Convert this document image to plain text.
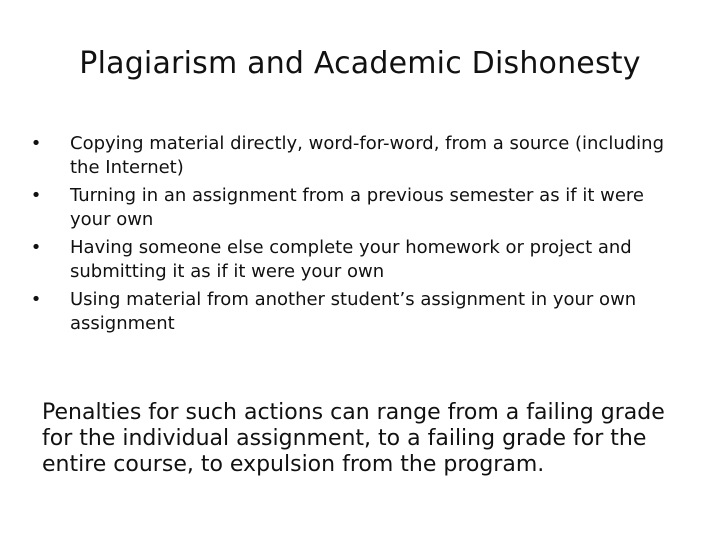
Plagiarism and Academic Dishonesty
• Copying material directly, word-for-word, from a source (including the Internet)
• Turning in an assignment from a previous semester as if it were your own
• Having someone else complete your homework or project and submitting it as if it were your own
• Using material from another student’s assignment in your own assignment

Penalties for such actions can range from a failing grade for the individual assignment, to a failing grade for the entire course, to expulsion from the program.
